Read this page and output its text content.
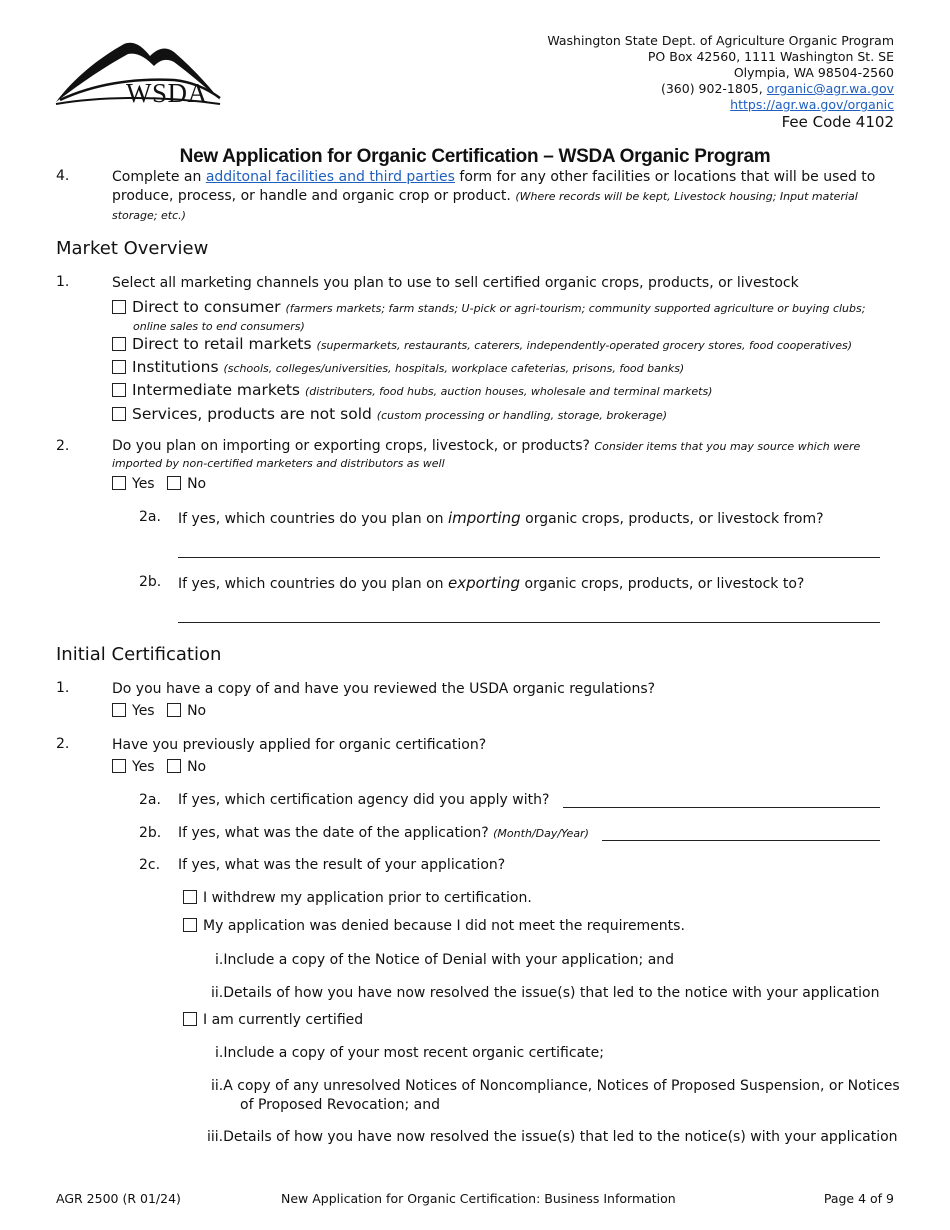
WSDA
Washington State Dept. of Agriculture Organic Program
PO Box 42560, 1111 Washington St. SE
Olympia, WA 98504-2560
(360) 902-1805, organic@agr.wa.gov
https://agr.wa.gov/organic
Fee Code 4102
New Application for Organic Certification – WSDA Organic Program
4.	Complete an additonal facilities and third parties form for any other facilities or locations that will be used to produce, process, or handle and organic crop or product. (Where records will be kept, Livestock housing; Input material storage; etc.)
Market Overview
1.	Select all marketing channels you plan to use to sell certified organic crops, products, or livestock
Direct to consumer (farmers markets; farm stands; U-pick or agri-tourism; community supported agriculture or buying clubs; online sales to end consumers)
Direct to retail markets (supermarkets, restaurants, caterers, independently-operated grocery stores, food cooperatives)
Institutions (schools, colleges/universities, hospitals, workplace cafeterias, prisons, food banks)
Intermediate markets (distributers, food hubs, auction houses, wholesale and terminal markets)
Services, products are not sold (custom processing or handling, storage, brokerage)
2.	Do you plan on importing or exporting crops, livestock, or products? Consider items that you may source which were imported by non-certified marketers and distributors as well
Yes No
2a. If yes, which countries do you plan on importing organic crops, products, or livestock from?
2b. If yes, which countries do you plan on exporting organic crops, products, or livestock to?
Initial Certification
1.	Do you have a copy of and have you reviewed the USDA organic regulations?
Yes No
2.	Have you previously applied for organic certification?
Yes No
2a. If yes, which certification agency did you apply with?
2b. If yes, what was the date of the application? (Month/Day/Year)
2c. If yes, what was the result of your application?
I withdrew my application prior to certification.
My application was denied because I did not meet the requirements.
i.Include a copy of the Notice of Denial with your application; and
ii.Details of how you have now resolved the issue(s) that led to the notice with your application
I am currently certified
i.Include a copy of your most recent organic certificate;
ii.A copy of any unresolved Notices of Noncompliance, Notices of Proposed Suspension, or Notices of Proposed Revocation; and
iii.Details of how you have now resolved the issue(s) that led to the notice(s) with your application
AGR 2500 (R 01/24)	New Application for Organic Certification: Business Information	Page 4 of 9
